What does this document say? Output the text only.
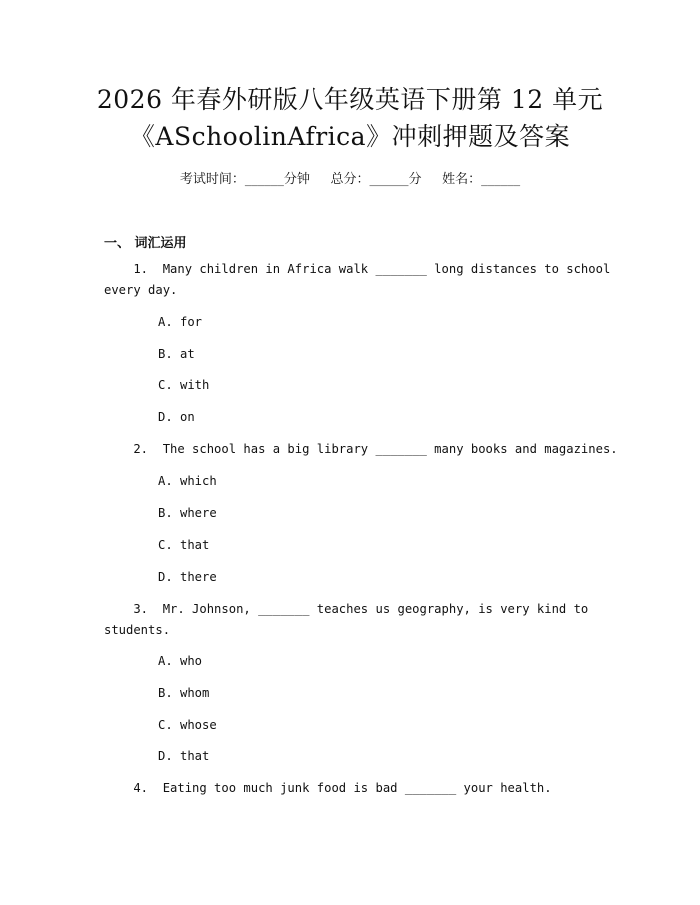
2026 年春外研版八年级英语下册第 12 单元
《ASchoolinAfrica》冲刺押题及答案
考试时间：______分钟     总分：______分     姓名：______
一、 词汇运用
1.  Many children in Africa walk _______ long distances to school
every day.
A. for
B. at
C. with
D. on
2.  The school has a big library _______ many books and magazines.
A. which
B. where
C. that
D. there
3.  Mr. Johnson, _______ teaches us geography, is very kind to
students.
A. who
B. whom
C. whose
D. that
4.  Eating too much junk food is bad _______ your health.
